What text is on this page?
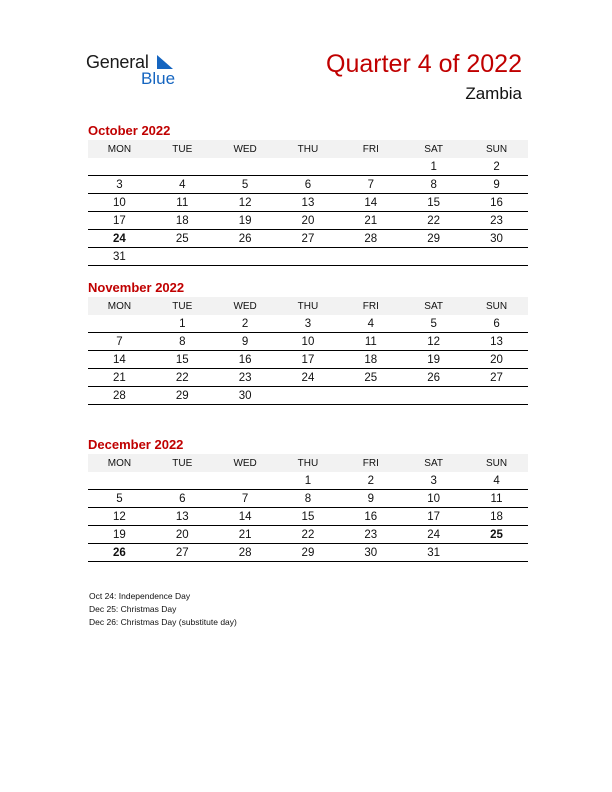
General
Blue
Quarter 4 of 2022
Zambia
October 2022
MON	TUE	WED	THU	FRI	SAT	SUN
					1	2
3	4	5	6	7	8	9
10	11	12	13	14	15	16
17	18	19	20	21	22	23
24	25	26	27	28	29	30
31						
November 2022
MON	TUE	WED	THU	FRI	SAT	SUN
	1	2	3	4	5	6
7	8	9	10	11	12	13
14	15	16	17	18	19	20
21	22	23	24	25	26	27
28	29	30				
December 2022
MON	TUE	WED	THU	FRI	SAT	SUN
			1	2	3	4
5	6	7	8	9	10	11
12	13	14	15	16	17	18
19	20	21	22	23	24	25
26	27	28	29	30	31	
Oct 24: Independence Day
Dec 25: Christmas Day
Dec 26: Christmas Day (substitute day)
